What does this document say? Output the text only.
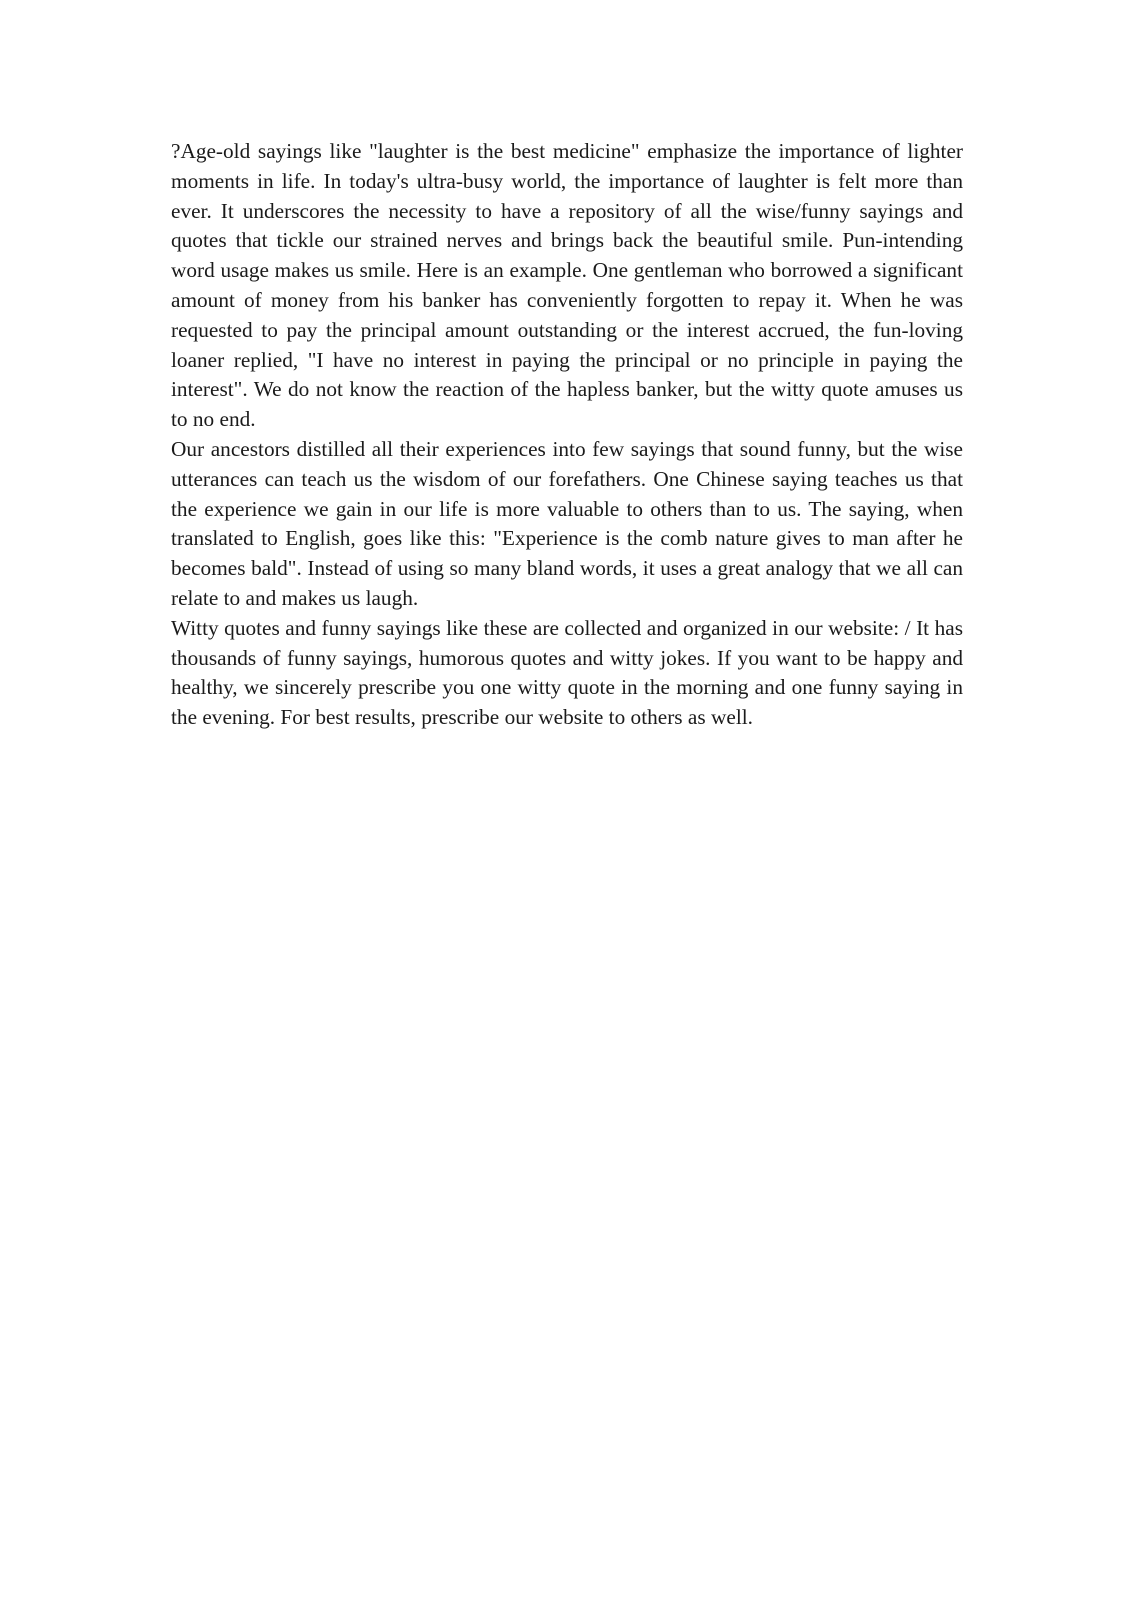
?Age-old sayings like "laughter is the best medicine" emphasize the importance of lighter moments in life. In today's ultra-busy world, the importance of laughter is felt more than ever. It underscores the necessity to have a repository of all the wise/funny sayings and quotes that tickle our strained nerves and brings back the beautiful smile. Pun-intending word usage makes us smile. Here is an example. One gentleman who borrowed a significant amount of money from his banker has conveniently forgotten to repay it. When he was requested to pay the principal amount outstanding or the interest accrued, the fun-loving loaner replied, "I have no interest in paying the principal or no principle in paying the interest". We do not know the reaction of the hapless banker, but the witty quote amuses us to no end.

Our ancestors distilled all their experiences into few sayings that sound funny, but the wise utterances can teach us the wisdom of our forefathers. One Chinese saying teaches us that the experience we gain in our life is more valuable to others than to us. The saying, when translated to English, goes like this: "Experience is the comb nature gives to man after he becomes bald". Instead of using so many bland words, it uses a great analogy that we all can relate to and makes us laugh.

Witty quotes and funny sayings like these are collected and organized in our website: / It has thousands of funny sayings, humorous quotes and witty jokes. If you want to be happy and healthy, we sincerely prescribe you one witty quote in the morning and one funny saying in the evening. For best results, prescribe our website to others as well.
